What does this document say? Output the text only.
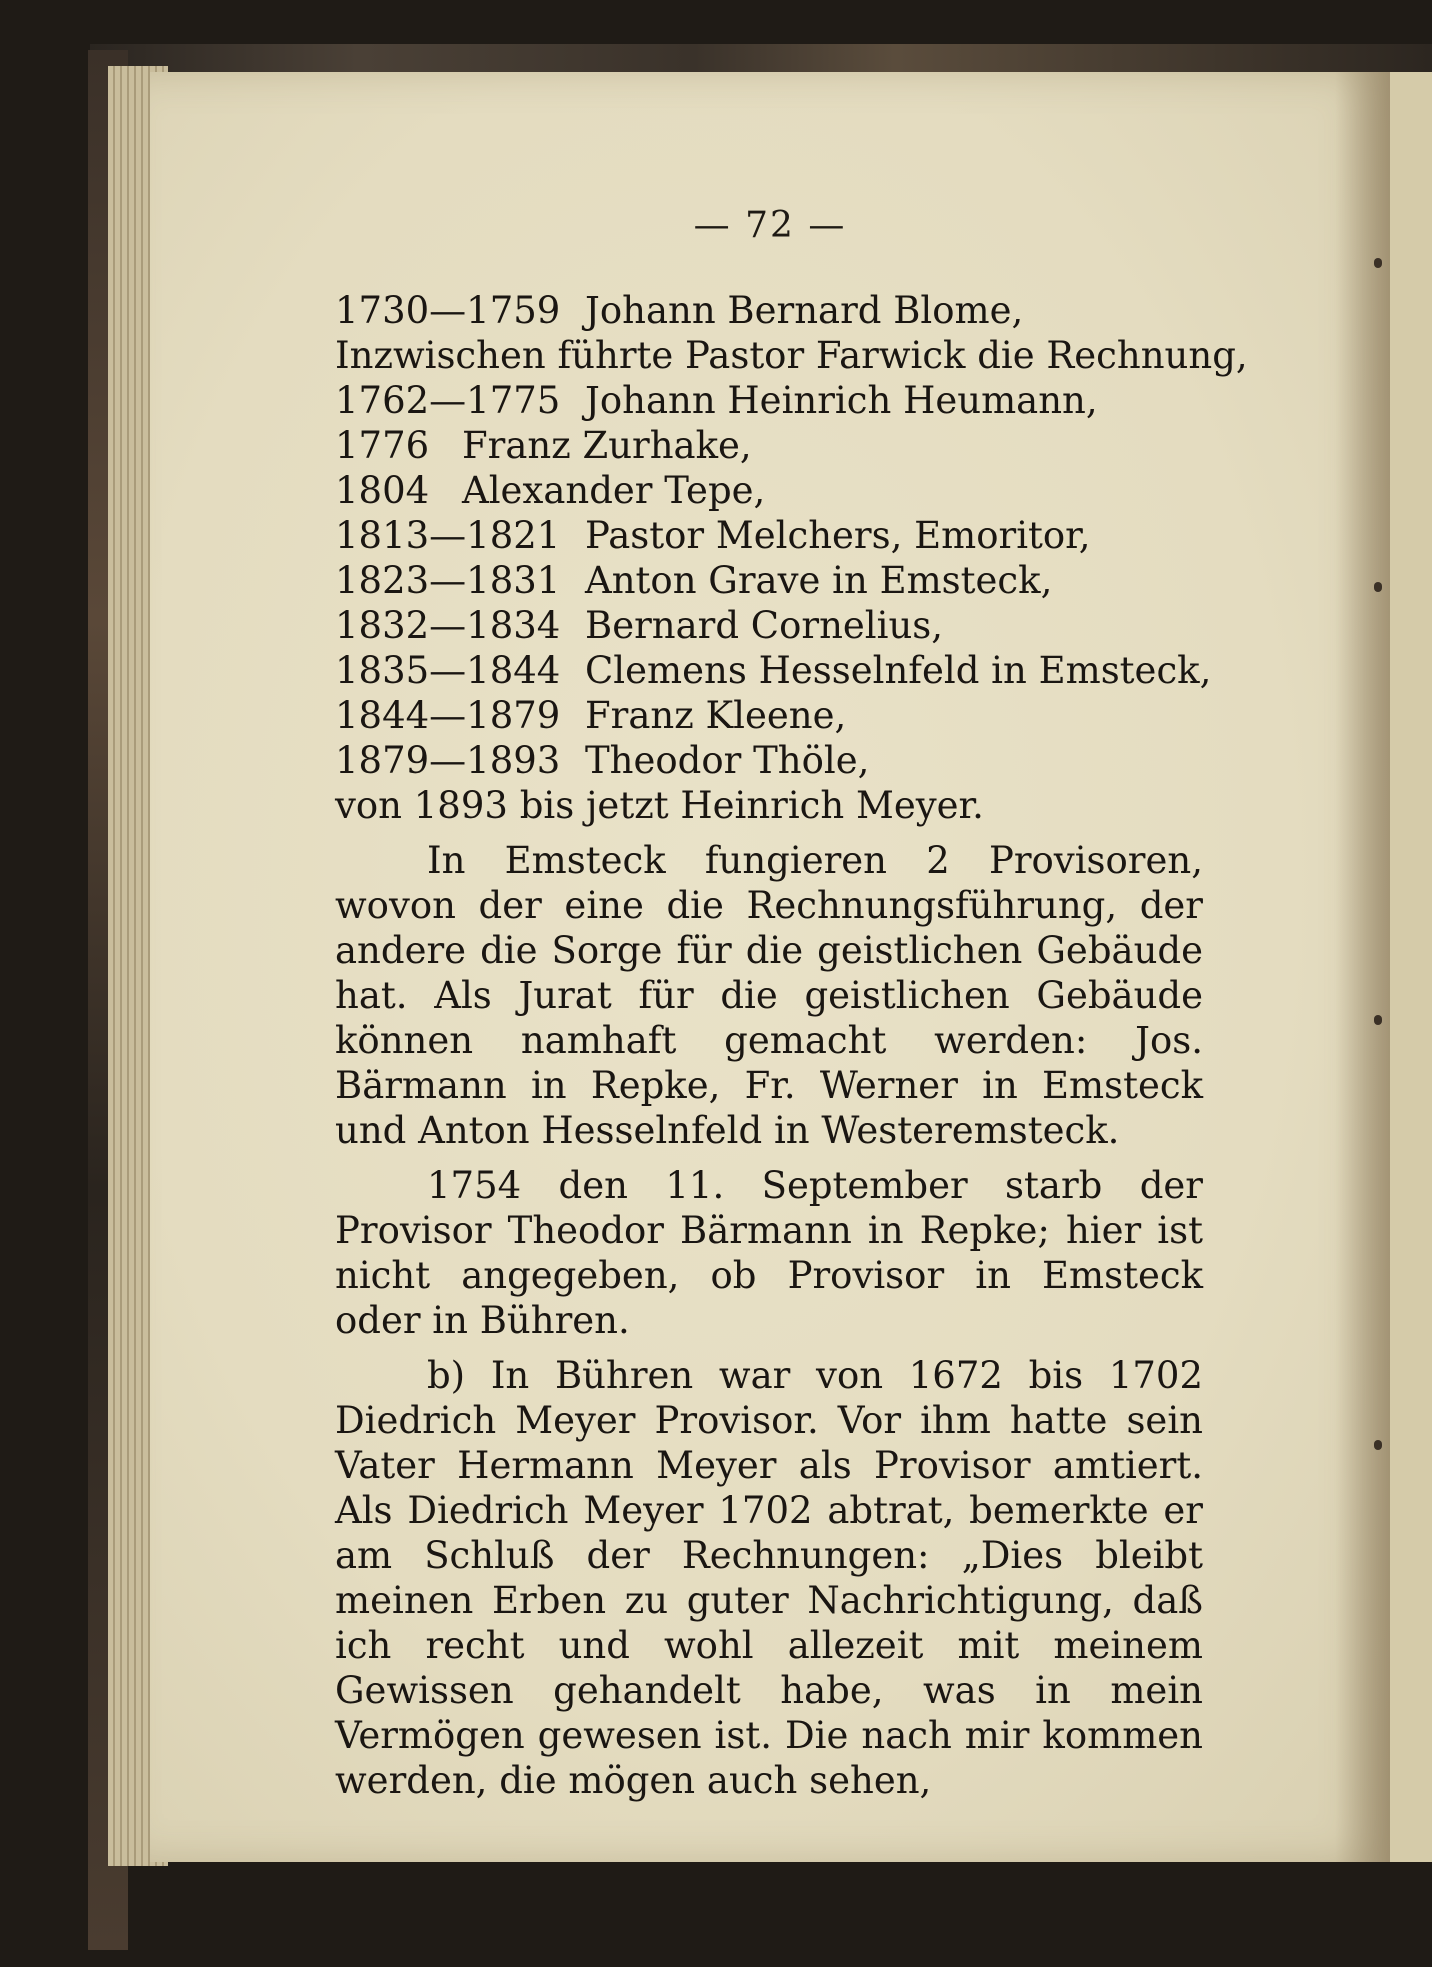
— 72 —
1730—1759 Johann Bernard Blome,
Inzwischen führte Pastor Farwick die Rechnung,
1762—1775 Johann Heinrich Heumann,
1776 Franz Zurhake,
1804 Alexander Tepe,
1813—1821 Pastor Melchers, Emoritor,
1823—1831 Anton Grave in Emsteck,
1832—1834 Bernard Cornelius,
1835—1844 Clemens Hesselnfeld in Emsteck,
1844—1879 Franz Kleene,
1879—1893 Theodor Thöle,
von 1893 bis jetzt Heinrich Meyer.

In Emsteck fungieren 2 Provisoren, wovon der eine die Rechnungsführung, der andere die Sorge für die geistlichen Gebäude hat. Als Jurat für die geistlichen Gebäude können namhaft gemacht werden: Jos. Bärmann in Repke, Fr. Werner in Emsteck und Anton Hesselnfeld in Westeremsteck.

1754 den 11. September starb der Provisor Theodor Bärmann in Repke; hier ist nicht angegeben, ob Provisor in Emsteck oder in Bühren.

b) In Bühren war von 1672 bis 1702 Diedrich Meyer Provisor. Vor ihm hatte sein Vater Hermann Meyer als Provisor amtiert. Als Diedrich Meyer 1702 abtrat, bemerkte er am Schluß der Rechnungen: „Dies bleibt meinen Erben zu guter Nachrichtigung, daß ich recht und wohl allezeit mit meinem Gewissen gehandelt habe, was in mein Vermögen gewesen ist. Die nach mir kommen werden, die mögen auch sehen,
